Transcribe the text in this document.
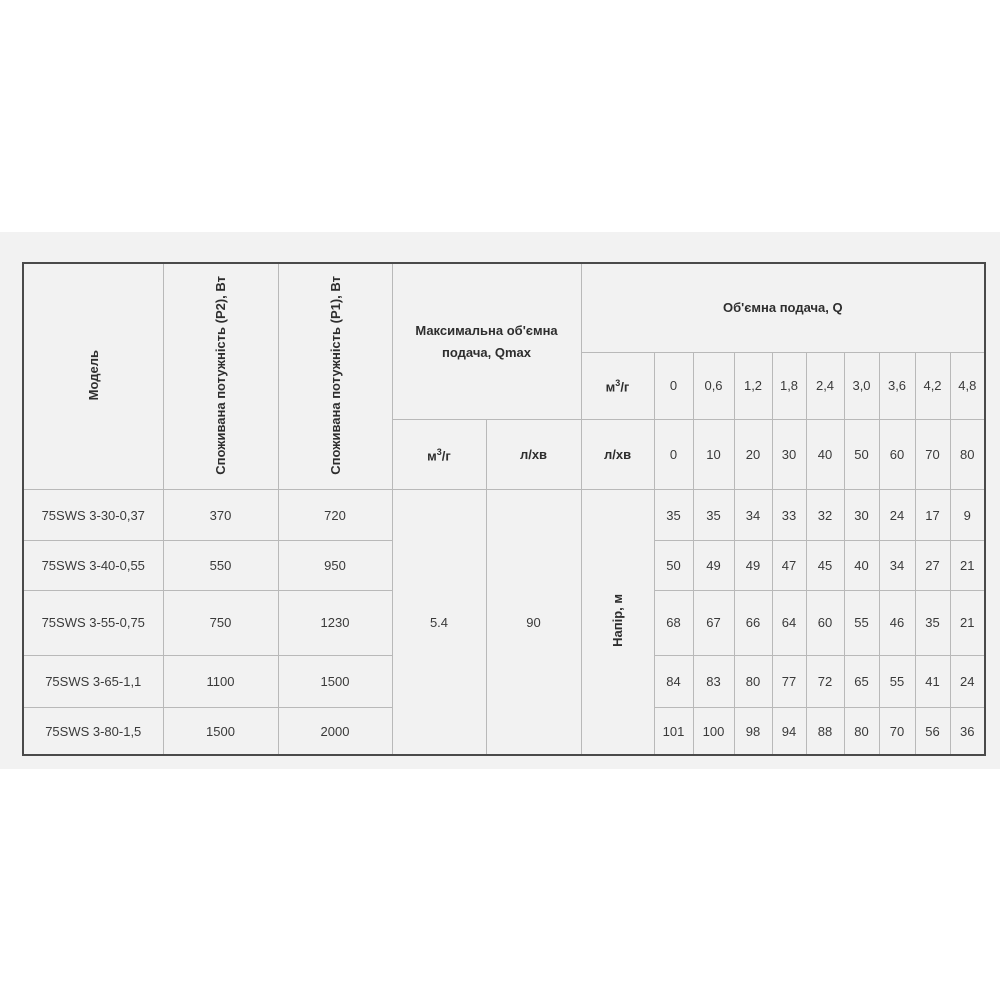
Модель	Споживана потужність (P2), Вт	Споживана потужність (P1), Вт	Максимальна об'ємна подача, Qmax		Об'ємна подача, Q									
					$м^3/г$	0	0,6	1,2	1,8	2,4	3,0	3,6	4,2	4,8
			$м^3/г$	л/хв	л/хв	0	10	20	30	40	50	60	70	80
75SWS 3-30-0,37	370	720	5.4	90	Напір, м	35	35	34	33	32	30	24	17	9
75SWS 3-40-0,55	550	950				50	49	49	47	45	40	34	27	21
75SWS 3-55-0,75	750	1230				68	67	66	64	60	55	46	35	21
75SWS 3-65-1,1	1100	1500				84	83	80	77	72	65	55	41	24
75SWS 3-80-1,5	1500	2000				101	100	98	94	88	80	70	56	36
